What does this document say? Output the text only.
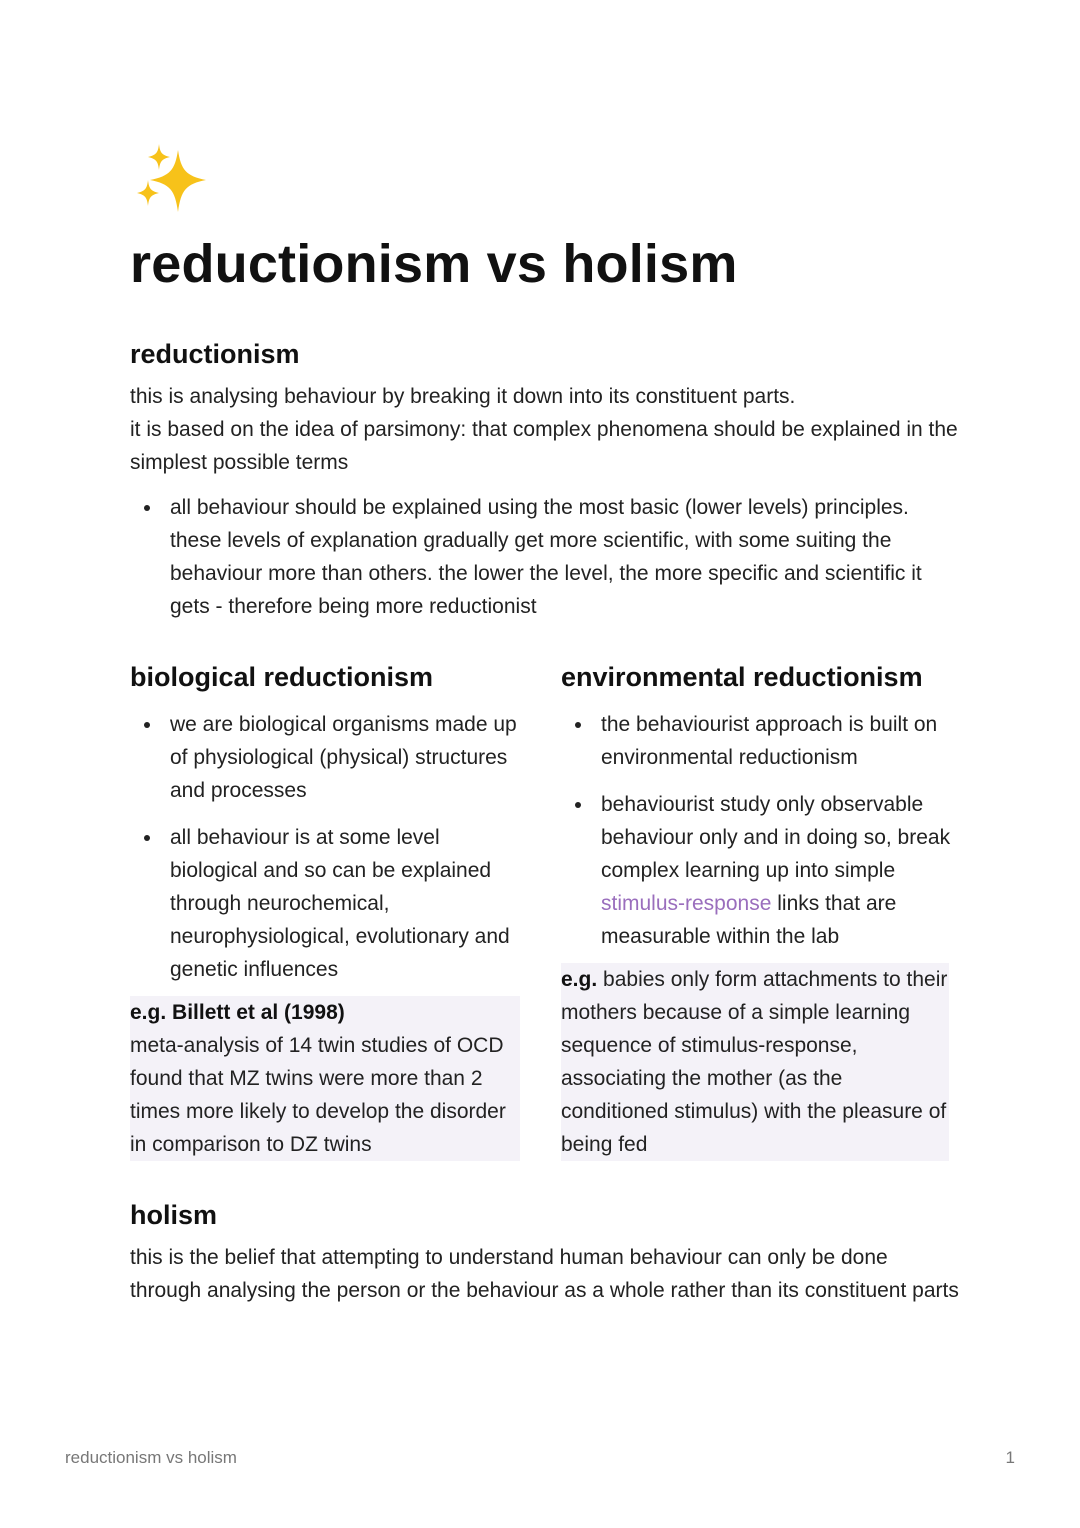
reductionism vs holism
reductionism

this is analysing behaviour by breaking it down into its constituent parts.

it is based on the idea of parsimony: that complex phenomena should be explained in the simplest possible terms

all behaviour should be explained using the most basic (lower levels) principles. these levels of explanation gradually get more scientific, with some suiting the behaviour more than others. the lower the level, the more specific and scientific it gets - therefore being more reductionist
biological reductionism
we are biological organisms made up of physiological (physical) structures and processes
all behaviour is at some level biological and so can be explained through neurochemical, neurophysiological, evolutionary and genetic influences
e.g. Billett et al (1998)
meta-analysis of 14 twin studies of OCD found that MZ twins were more than 2 times more likely to develop the disorder in comparison to DZ twins
environmental reductionism
the behaviourist approach is built on environmental reductionism
behaviourist study only observable behaviour only and in doing so, break complex learning up into simple stimulus-response links that are measurable within the lab
e.g. babies only form attachments to their mothers because of a simple learning sequence of stimulus-response, associating the mother (as the conditioned stimulus) with the pleasure of being fed
holism

this is the belief that attempting to understand human behaviour can only be done through analysing the person or the behaviour as a whole rather than its constituent parts

reductionism vs holism	1
